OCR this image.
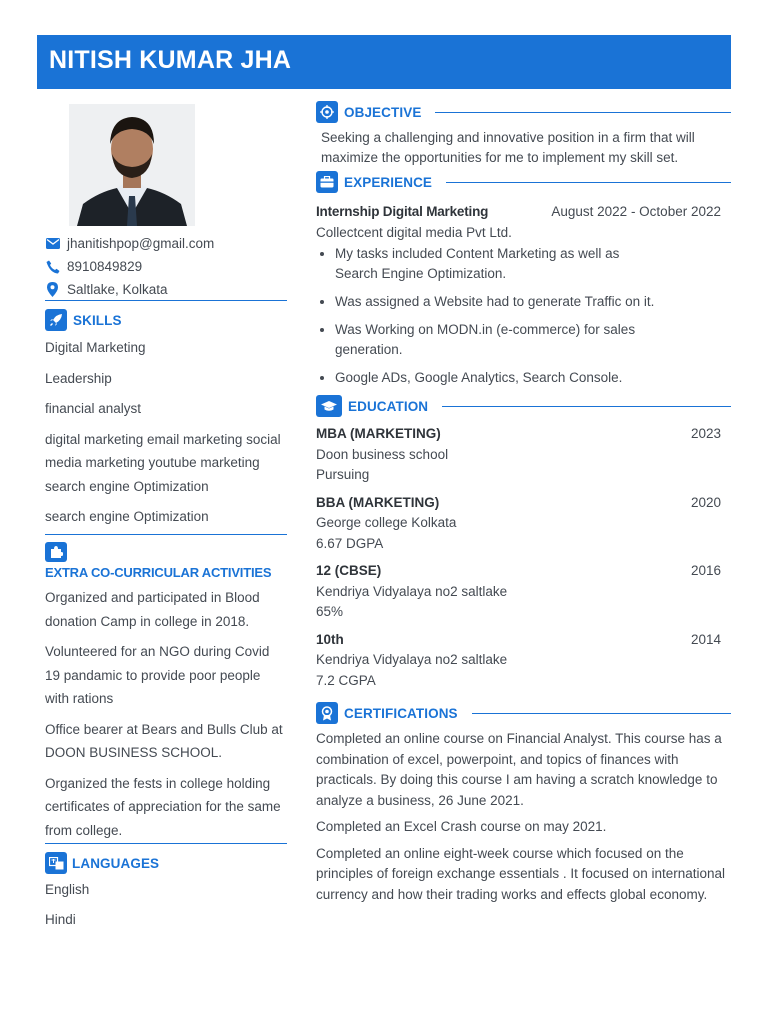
NITISH KUMAR JHA
jhanitishpop@gmail.com
8910849829
Saltlake, Kolkata
SKILLS
Digital Marketing
Leadership
financial analyst
digital marketing email marketing social media marketing youtube marketing search engine Optimization
search engine Optimization
EXTRA CO-CURRICULAR ACTIVITIES
Organized and participated in Blood donation Camp in college in 2018.
Volunteered for an NGO during Covid 19 pandamic to provide poor people with rations
Office bearer at Bears and Bulls Club at DOON BUSINESS SCHOOL.
Organized the fests in college holding certificates of appreciation for the same from college.
LANGUAGES
English
Hindi
OBJECTIVE
Seeking a challenging and innovative position in a firm that will maximize the opportunities for me to implement my skill set.
EXPERIENCE
Internship Digital Marketing	August 2022 - October 2022
Collectcent digital media Pvt Ltd.
• My tasks included Content Marketing as well as Search Engine Optimization.
• Was assigned a Website had to generate Traffic on it.
• Was Working on MODN.in (e-commerce) for sales generation.
• Google ADs, Google Analytics, Search Console.
EDUCATION
MBA (MARKETING)	2023
Doon business school
Pursuing
BBA (MARKETING)	2020
George college Kolkata
6.67 DGPA
12 (CBSE)	2016
Kendriya Vidyalaya no2 saltlake
65%
10th	2014
Kendriya Vidyalaya no2 saltlake
7.2 CGPA
CERTIFICATIONS
Completed an online course on Financial Analyst. This course has a combination of excel, powerpoint, and topics of finances with practicals. By doing this course I am having a scratch knowledge to analyze a business, 26 June 2021.
Completed an Excel Crash course on may 2021.
Completed an online eight-week course which focused on the principles of foreign exchange essentials . It focused on international currency and how their trading works and effects global economy.
